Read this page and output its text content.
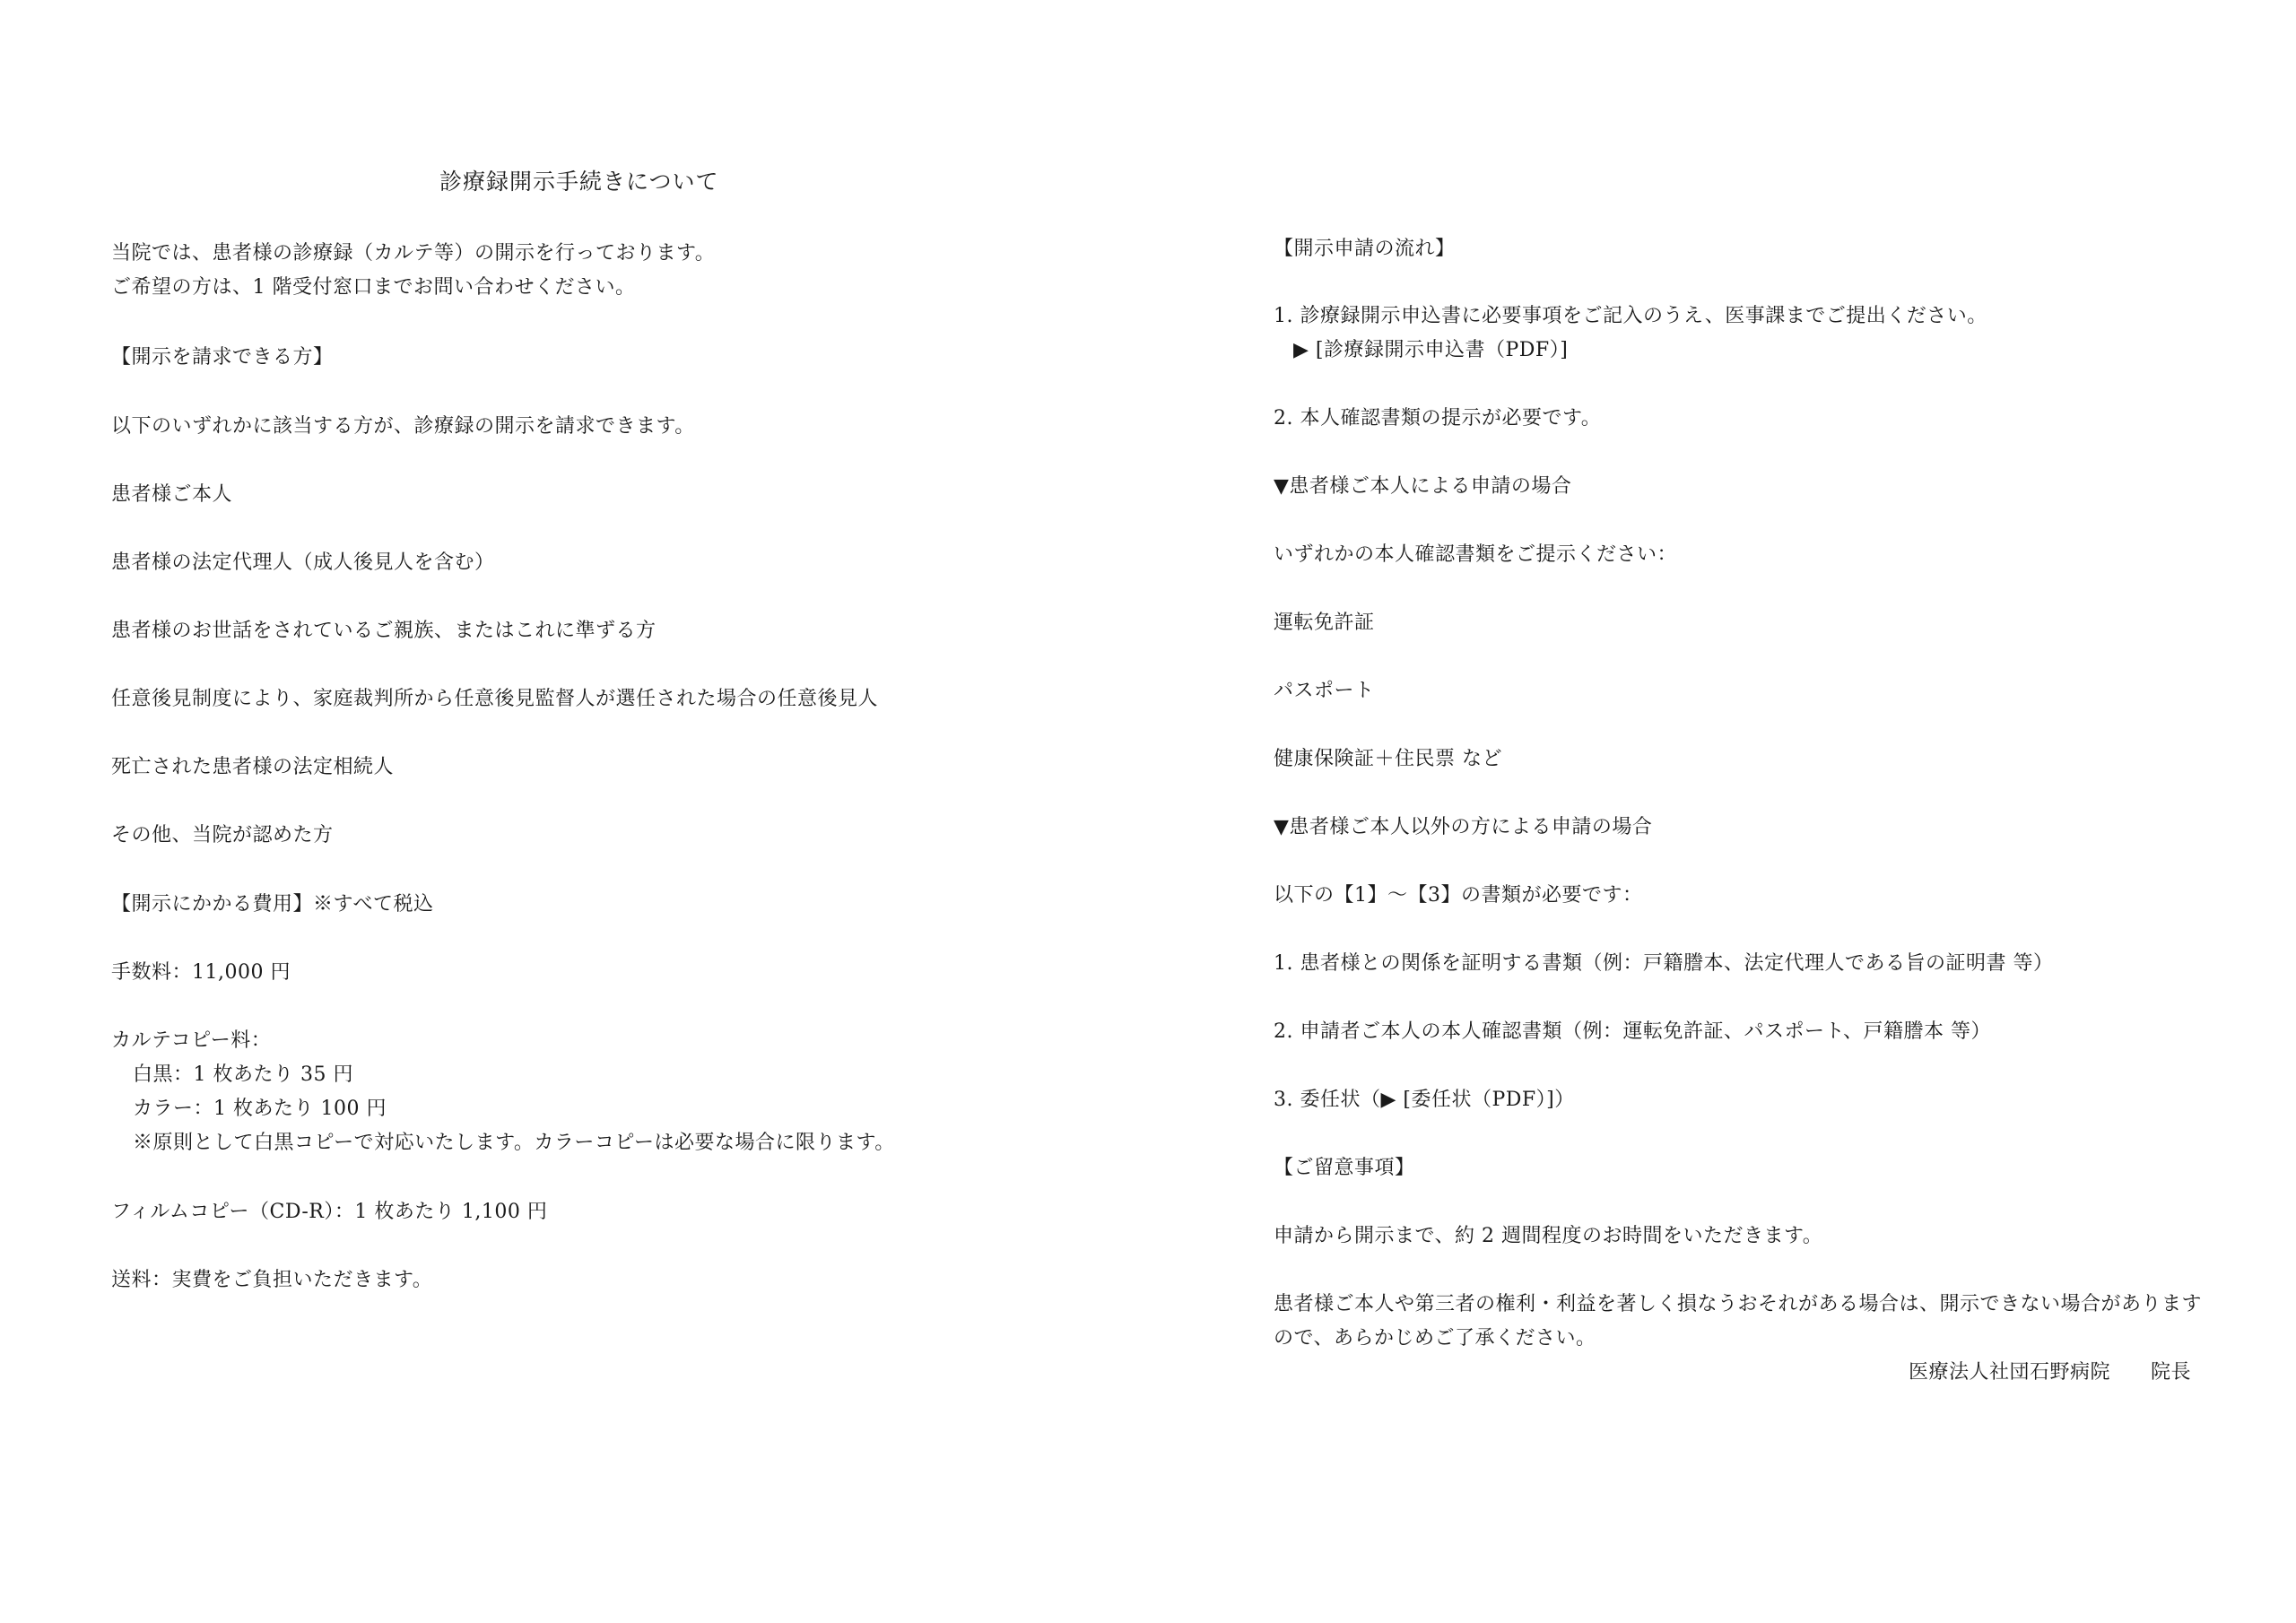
診療録開示手続きについて
当院では、患者様の診療録（カルテ等）の開示を行っております。
ご希望の方は、1 階受付窓口までお問い合わせください。
【開示を請求できる方】
以下のいずれかに該当する方が、診療録の開示を請求できます。
患者様ご本人
患者様の法定代理人（成人後見人を含む）
患者様のお世話をされているご親族、またはこれに準ずる方
任意後見制度により、家庭裁判所から任意後見監督人が選任された場合の任意後見人
死亡された患者様の法定相続人
その他、当院が認めた方
【開示にかかる費用】※すべて税込
手数料：11,000 円
カルテコピー料：
白黒：1 枚あたり 35 円
カラー：1 枚あたり 100 円
※原則として白黒コピーで対応いたします。カラーコピーは必要な場合に限ります。
フィルムコピー（CD-R）：1 枚あたり 1,100 円
送料：実費をご負担いただきます。
【開示申請の流れ】
1. 診療録開示申込書に必要事項をご記入のうえ、医事課までご提出ください。
▶ [診療録開示申込書（PDF）]
2. 本人確認書類の提示が必要です。
▼患者様ご本人による申請の場合
いずれかの本人確認書類をご提示ください：
運転免許証
パスポート
健康保険証＋住民票 など
▼患者様ご本人以外の方による申請の場合
以下の【1】〜【3】の書類が必要です：
1. 患者様との関係を証明する書類（例：戸籍謄本、法定代理人である旨の証明書 等）
2. 申請者ご本人の本人確認書類（例：運転免許証、パスポート、戸籍謄本 等）
3. 委任状（▶ [委任状（PDF）]）
【ご留意事項】
申請から開示まで、約 2 週間程度のお時間をいただきます。
患者様ご本人や第三者の権利・利益を著しく損なうおそれがある場合は、開示できない場合があります
ので、あらかじめご了承ください。
医療法人社団石野病院　　院長
